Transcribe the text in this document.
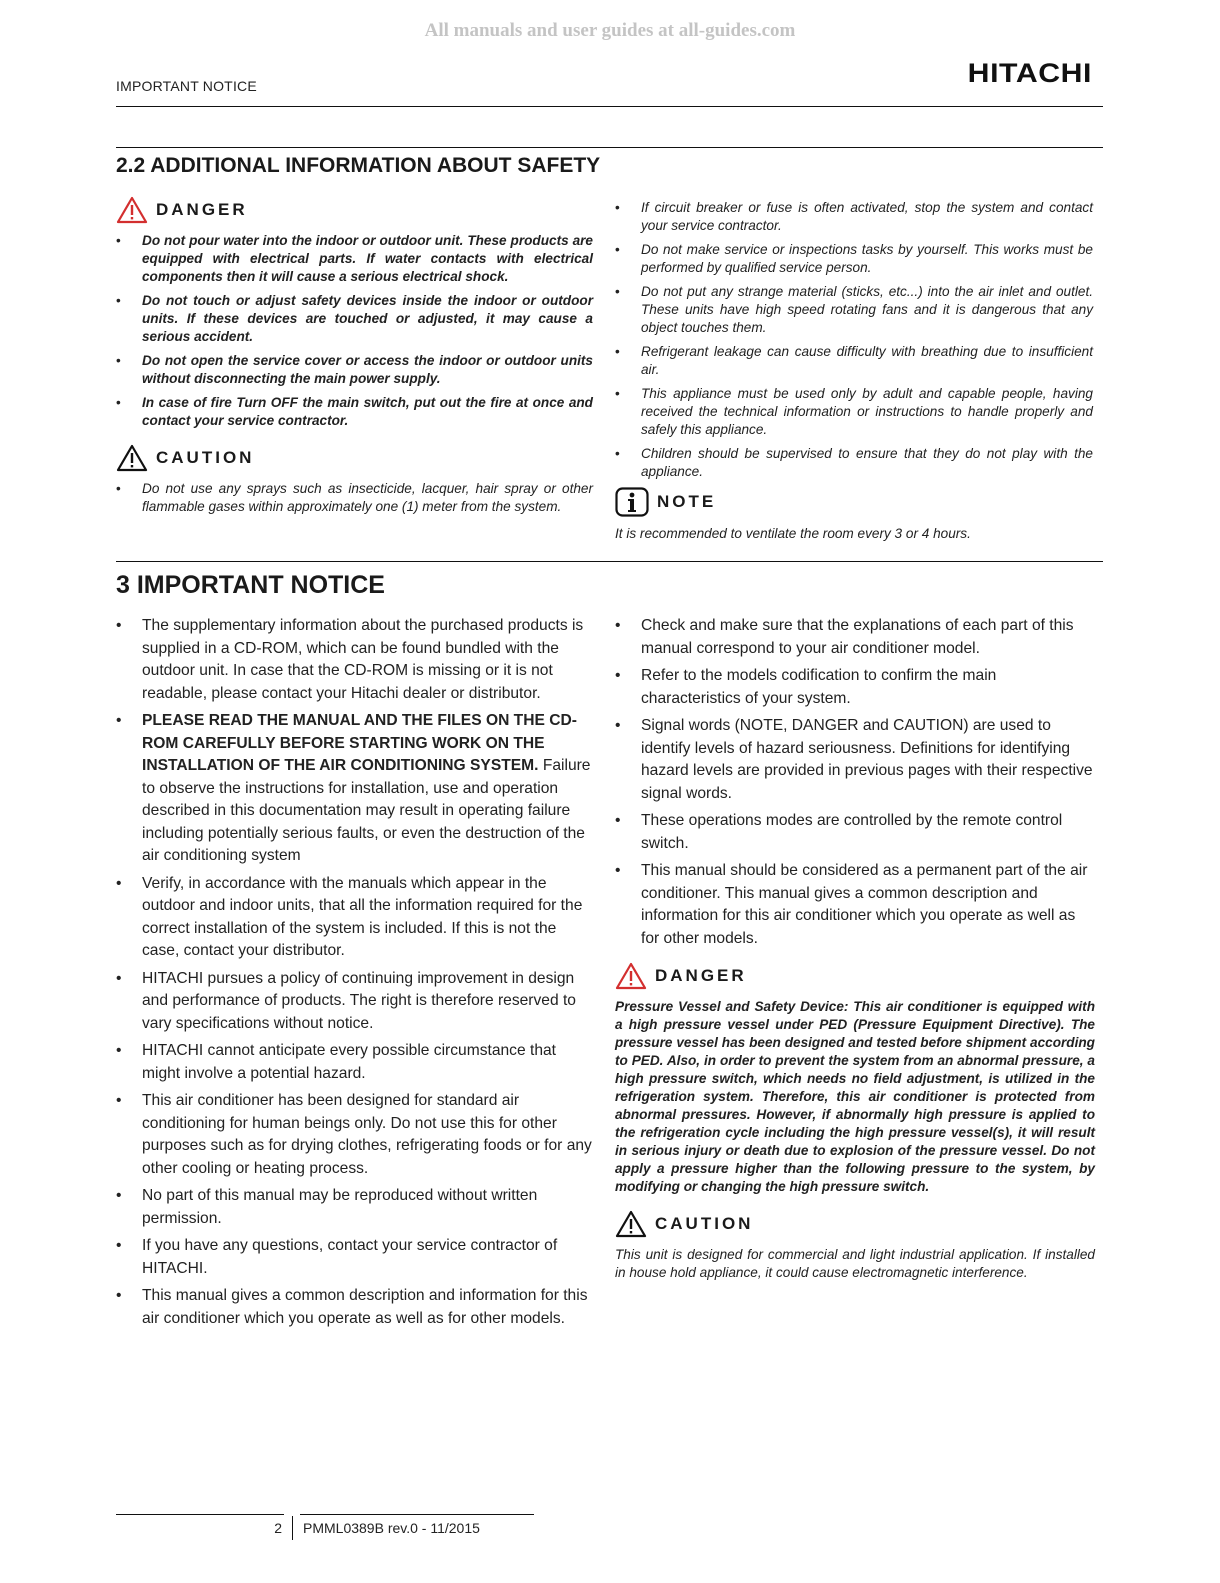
All manuals and user guides at all-guides.com
IMPORTANT NOTICE	HITACHI
2.2 ADDITIONAL INFORMATION ABOUT SAFETY
DANGER
• Do not pour water into the indoor or outdoor unit. These products are equipped with electrical parts. If water contacts with electrical components then it will cause a serious electrical shock.
• Do not touch or adjust safety devices inside the indoor or outdoor units. If these devices are touched or adjusted, it may cause a serious accident.
• Do not open the service cover or access the indoor or outdoor units without disconnecting the main power supply.
• In case of fire Turn OFF the main switch, put out the fire at once and contact your service contractor.
CAUTION
• Do not use any sprays such as insecticide, lacquer, hair spray or other flammable gases within approximately one (1) meter from the system.
• If circuit breaker or fuse is often activated, stop the system and contact your service contractor.
• Do not make service or inspections tasks by yourself. This works must be performed by qualified service person.
• Do not put any strange material (sticks, etc...) into the air inlet and outlet. These units have high speed rotating fans and it is dangerous that any object touches them.
• Refrigerant leakage can cause difficulty with breathing due to insufficient air.
• This appliance must be used only by adult and capable people, having received the technical information or instructions to handle properly and safely this appliance.
• Children should be supervised to ensure that they do not play with the appliance.
NOTE
It is recommended to ventilate the room every 3 or 4 hours.
3 IMPORTANT NOTICE
• The supplementary information about the purchased products is supplied in a CD-ROM, which can be found bundled with the outdoor unit. In case that the CD-ROM is missing or it is not readable, please contact your Hitachi dealer or distributor.
• PLEASE READ THE MANUAL AND THE FILES ON THE CD-ROM CAREFULLY BEFORE STARTING WORK ON THE INSTALLATION OF THE AIR CONDITIONING SYSTEM. Failure to observe the instructions for installation, use and operation described in this documentation may result in operating failure including potentially serious faults, or even the destruction of the air conditioning system
• Verify, in accordance with the manuals which appear in the outdoor and indoor units, that all the information required for the correct installation of the system is included. If this is not the case, contact your distributor.
• HITACHI pursues a policy of continuing improvement in design and performance of products. The right is therefore reserved to vary specifications without notice.
• HITACHI cannot anticipate every possible circumstance that might involve a potential hazard.
• This air conditioner has been designed for standard air conditioning for human beings only. Do not use this for other purposes such as for drying clothes, refrigerating foods or for any other cooling or heating process.
• No part of this manual may be reproduced without written permission.
• If you have any questions, contact your service contractor of HITACHI.
• This manual gives a common description and information for this air conditioner which you operate as well as for other models.
• Check and make sure that the explanations of each part of this manual correspond to your air conditioner model.
• Refer to the models codification to confirm the main characteristics of your system.
• Signal words (NOTE, DANGER and CAUTION) are used to identify levels of hazard seriousness. Definitions for identifying hazard levels are provided in previous pages with their respective signal words.
• These operations modes are controlled by the remote control switch.
• This manual should be considered as a permanent part of the air conditioner. This manual gives a common description and information for this air conditioner which you operate as well as for other models.
DANGER
Pressure Vessel and Safety Device: This air conditioner is equipped with a high pressure vessel under PED (Pressure Equipment Directive). The pressure vessel has been designed and tested before shipment according to PED. Also, in order to prevent the system from an abnormal pressure, a high pressure switch, which needs no field adjustment, is utilized in the refrigeration system. Therefore, this air conditioner is protected from abnormal pressures. However, if abnormally high pressure is applied to the refrigeration cycle including the high pressure vessel(s), it will result in serious injury or death due to explosion of the pressure vessel. Do not apply a pressure higher than the following pressure to the system, by modifying or changing the high pressure switch.
CAUTION
This unit is designed for commercial and light industrial application. If installed in house hold appliance, it could cause electromagnetic interference.
2 PMML0389B rev.0 - 11/2015
